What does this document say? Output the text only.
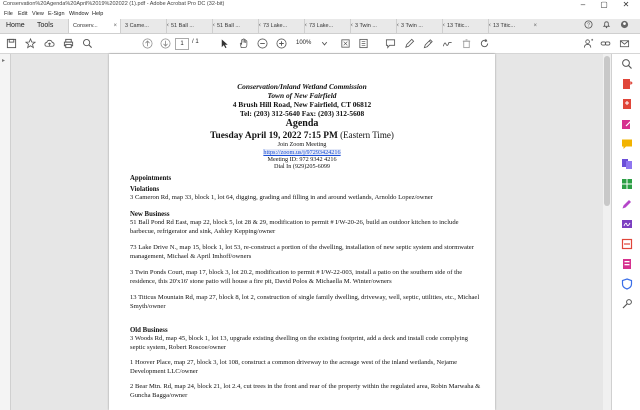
Conservation%20Agenda%20April%2019%202022 (1).pdf - Adobe Acrobat Pro DC (32-bit)	–	▢	✕
File Edit View E-Sign Window Help
Home Tools	Conserv...	×	3 Came...	× 51 Ball ...	× 51 Ball ...	× 73 Lake...	× 73 Lake...	× 3 Twin ...	× 3 Twin ...	× 13 Titic...	× 13 Titic...	×	?
1	/ 1	100%
▸
Conservation/Inland Wetland Commission
Town of New Fairfield
4 Brush Hill Road, New Fairfield, CT 06812
Tel: (203) 312-5640 Fax: (203) 312-5608
Agenda
Tuesday April 19, 2022 7:15 PM (Eastern Time)
Join Zoom Meeting
https://zoom.us/j/97293424216
Meeting ID: 972 9342 4216
Dial In (929)205-6099
Appointments
Violations
3 Cameron Rd, map 33, block 1, lot 64, digging, grading and filling in and around wetlands, Arnoldo Lopez/owner
New Business
51 Ball Pond Rd East, map 22, block 5, lot 28 & 29, modification to permit # I/W-20-26, build an outdoor kitchen to include barbecue, refrigerator and sink, Ashley Kepping/owner
73 Lake Drive N., map 15, block 1, lot 53, re-construct a portion of the dwelling, installation of new septic system and stormwater management, Michael & April Imhoff/owners
3 Twin Ponds Court, map 17, block 3, lot 20.2, modification to permit # I/W-22-003, install a patio on the southern side of the residence, this 20'x16' stone patio will house a fire pit, David Polos & Michaella M. Winter/owners
13 Titicus Mountain Rd, map 27, block 8, lot 2, construction of single family dwelling, driveway, well, septic, utilities, etc., Michael Smyth/owner
Old Business
3 Woods Rd, map 45, block 1, lot 13, upgrade existing dwelling on the existing footprint, add a deck and install code complying septic system, Robert Roscoe/owner
1 Hoover Place, map 27, block 3, lot 108, construct a common driveway to the acreage west of the inland wetlands, Nejame Development LLC/owner
2 Bear Mtn. Rd, map 24, block 21, lot 2.4, cut trees in the front and rear of the property within the regulated area, Robin Marwaha & Guncha Bagga/owner
